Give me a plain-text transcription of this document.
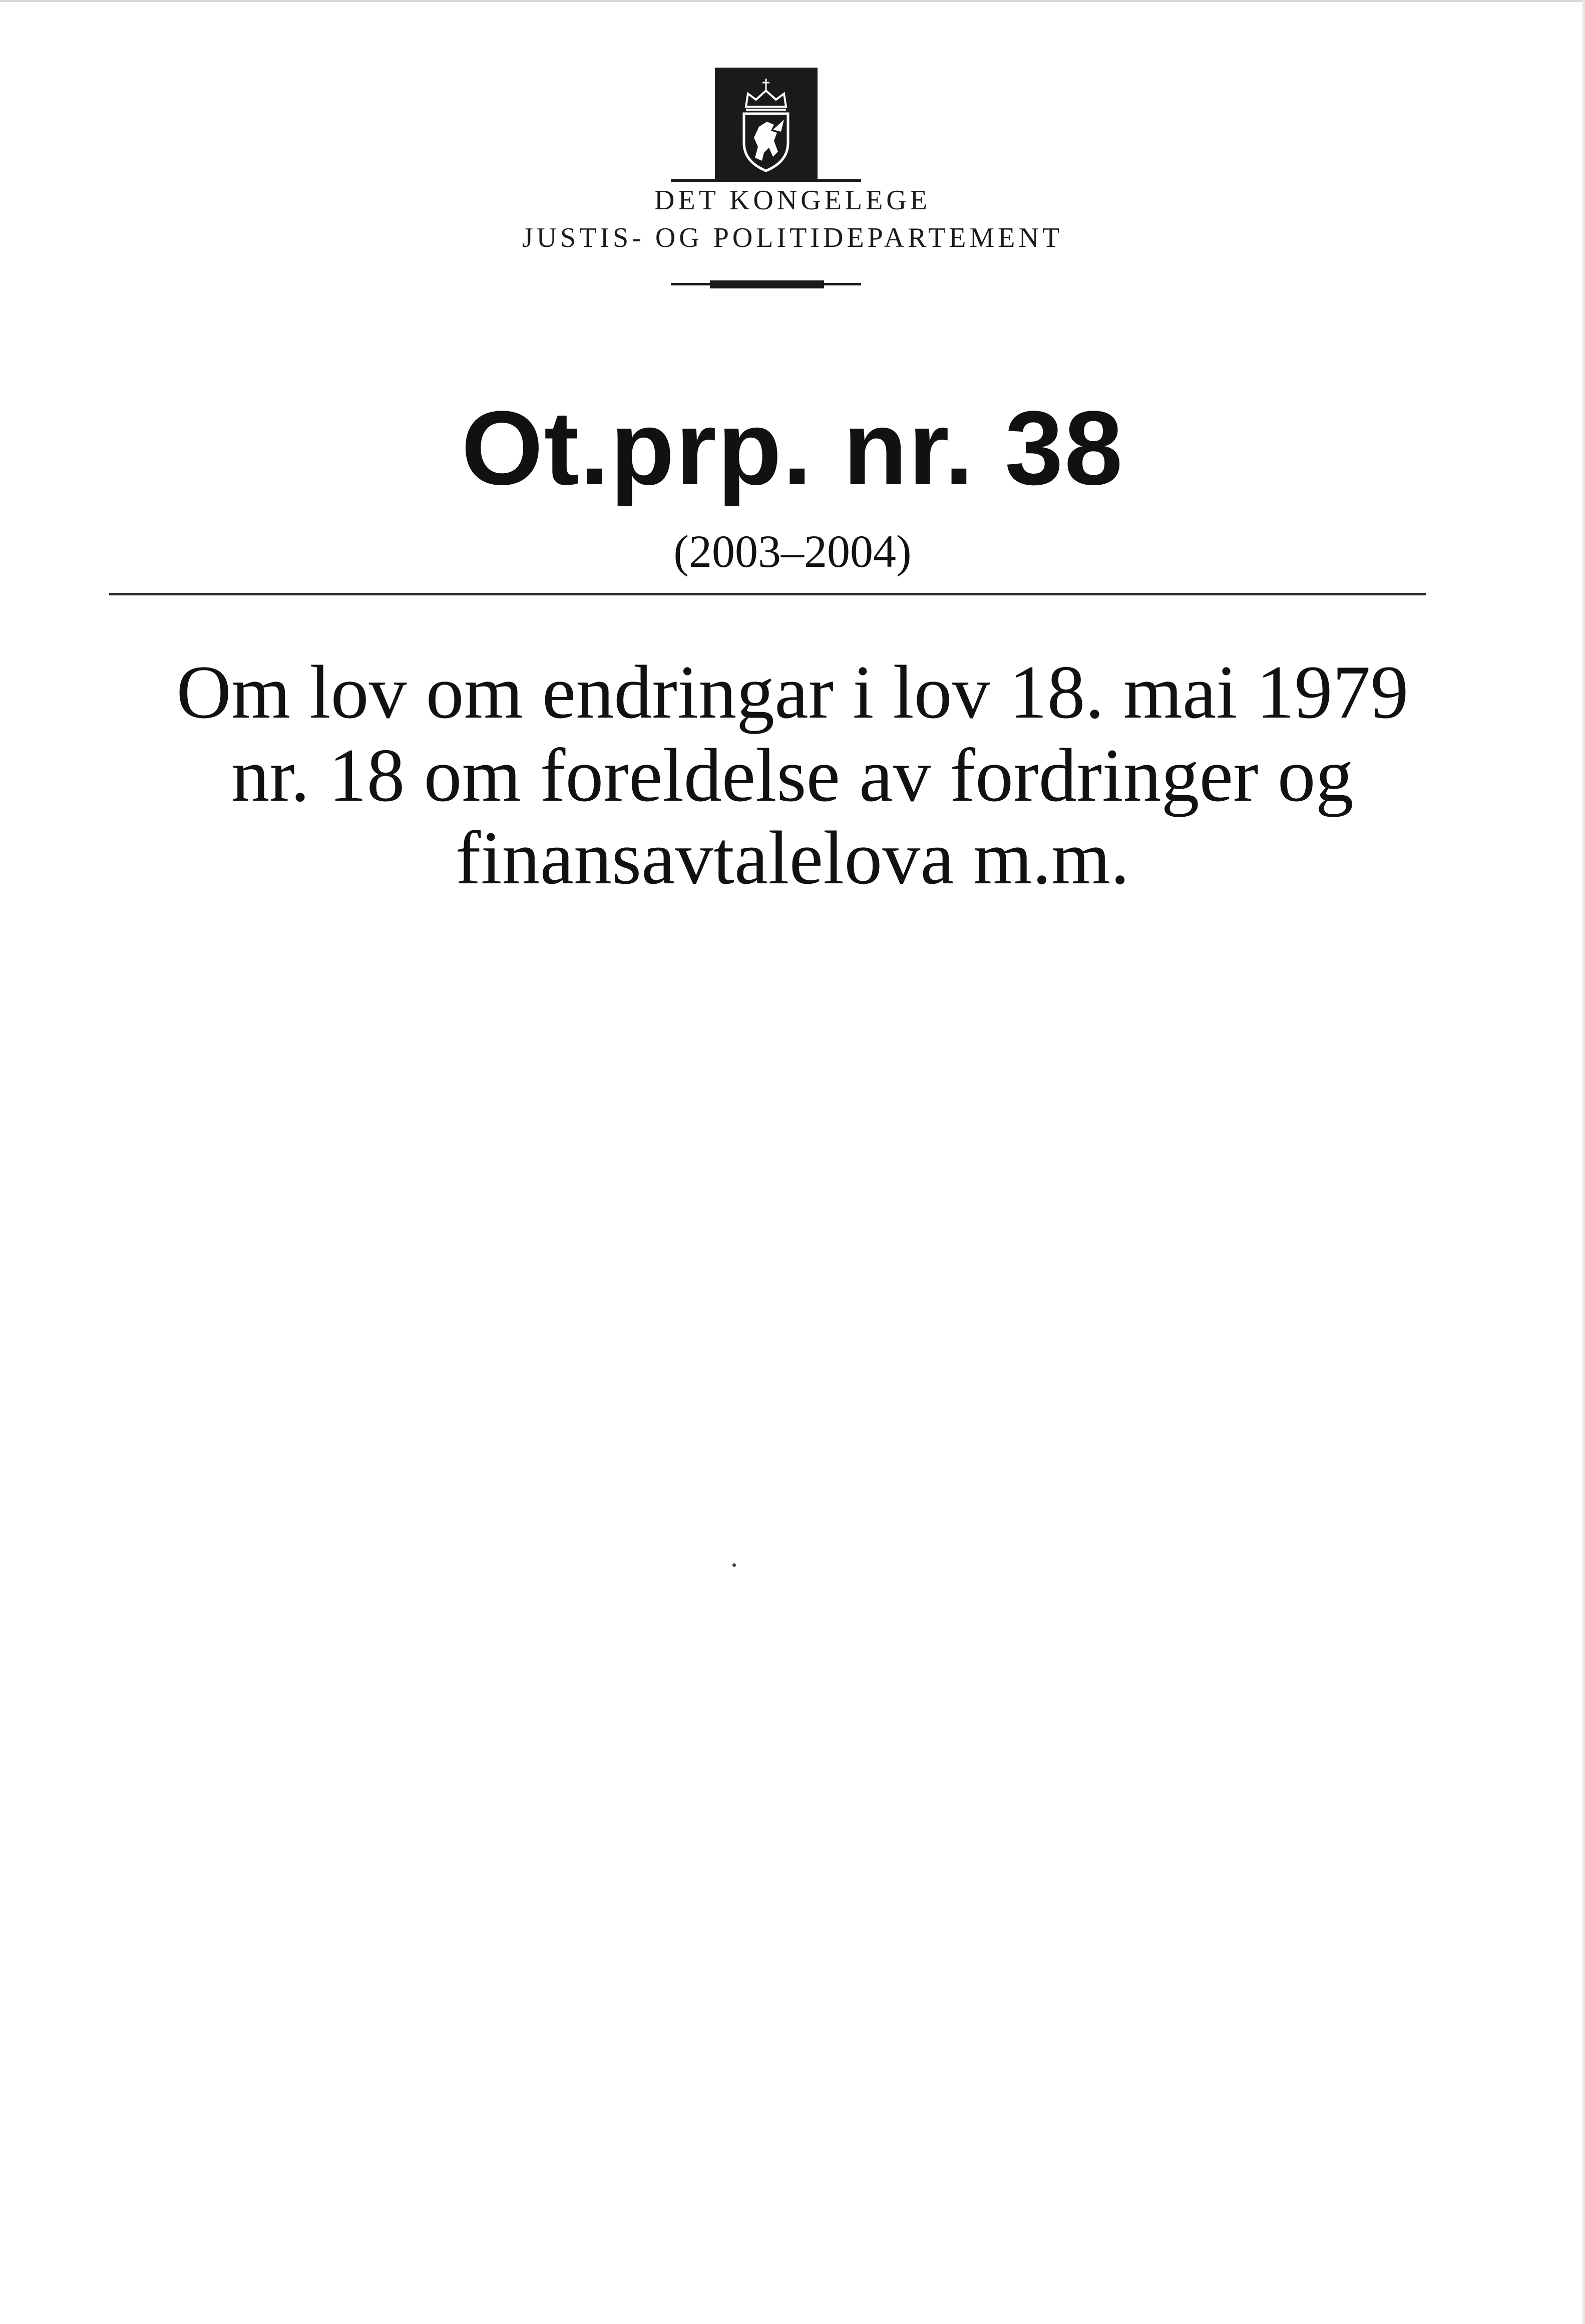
DET KONGELEGE
JUSTIS- OG POLITIDEPARTEMENT
Ot.prp. nr. 38
(2003–2004)
Om lov om endringar i lov 18. mai 1979
nr. 18 om foreldelse av fordringer og
finansavtalelova m.m.
